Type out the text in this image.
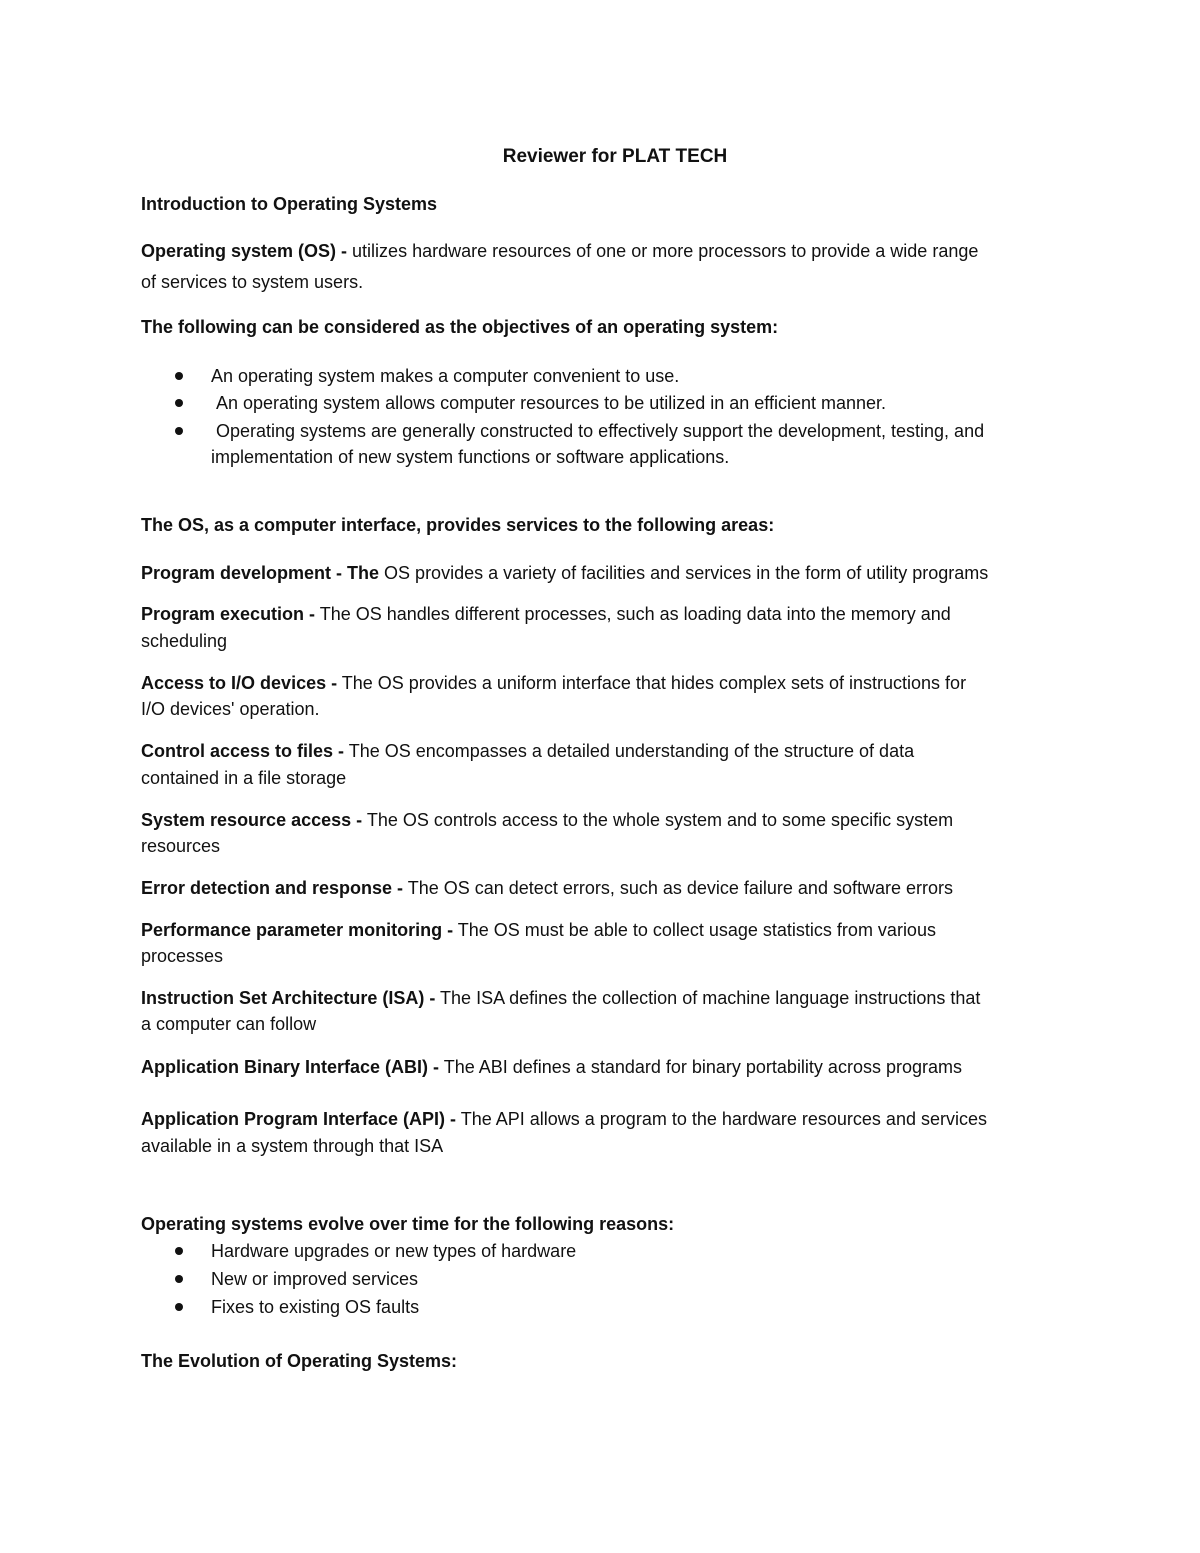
Reviewer for PLAT TECH
Introduction to Operating Systems
Operating system (OS) - utilizes hardware resources of one or more processors to provide a wide range
of services to system users.
The following can be considered as the objectives of an operating system:
An operating system makes a computer convenient to use.
An operating system allows computer resources to be utilized in an efficient manner.
Operating systems are generally constructed to effectively support the development, testing, and
implementation of new system functions or software applications.
The OS, as a computer interface, provides services to the following areas:
Program development - The OS provides a variety of facilities and services in the form of utility programs
Program execution - The OS handles different processes, such as loading data into the memory and
scheduling
Access to I/O devices - The OS provides a uniform interface that hides complex sets of instructions for
I/O devices' operation.
Control access to files - The OS encompasses a detailed understanding of the structure of data
contained in a file storage
System resource access - The OS controls access to the whole system and to some specific system
resources
Error detection and response - The OS can detect errors, such as device failure and software errors
Performance parameter monitoring - The OS must be able to collect usage statistics from various
processes
Instruction Set Architecture (ISA) - The ISA defines the collection of machine language instructions that
a computer can follow
Application Binary Interface (ABI) - The ABI defines a standard for binary portability across programs
Application Program Interface (API) - The API allows a program to the hardware resources and services
available in a system through that ISA
Operating systems evolve over time for the following reasons:
Hardware upgrades or new types of hardware
New or improved services
Fixes to existing OS faults
The Evolution of Operating Systems:
